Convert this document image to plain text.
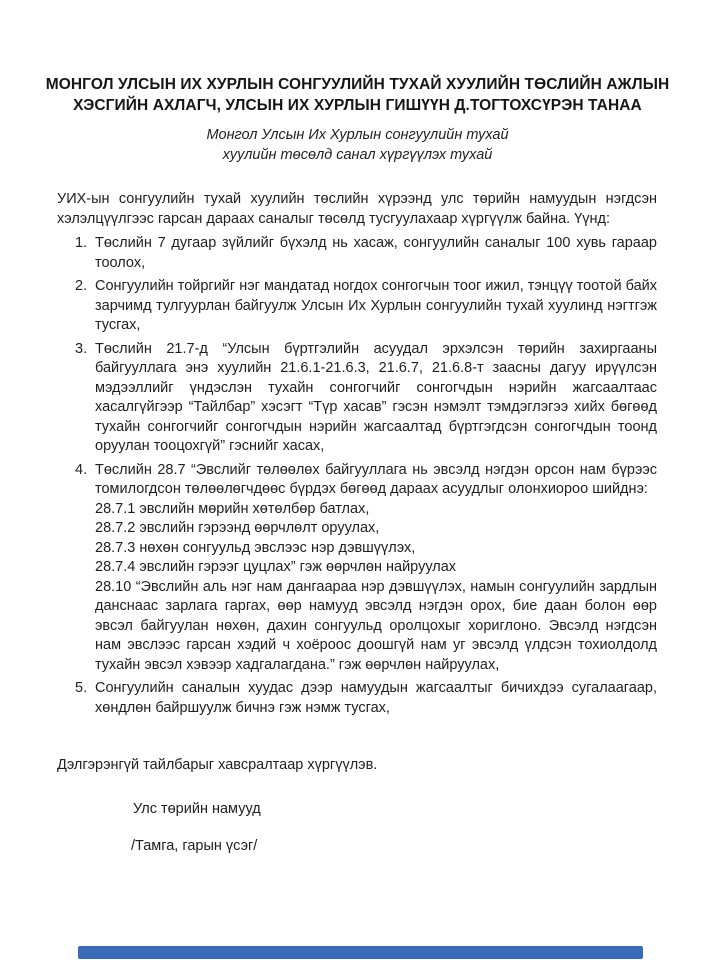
МОНГОЛ УЛСЫН ИХ ХУРЛЫН СОНГУУЛИЙН ТУХАЙ ХУУЛИЙН ТӨСЛИЙН АЖЛЫН ХЭСГИЙН АХЛАГЧ, УЛСЫН ИХ ХУРЛЫН ГИШҮҮН Д.ТОГТОХСҮРЭН ТАНАА
Монгол Улсын Их Хурлын сонгуулийн тухай
хуулийн төсөлд санал хүргүүлэх тухай

УИХ-ын сонгуулийн тухай хуулийн төслийн хүрээнд улс төрийн намуудын нэгдсэн хэлэлцүүлгээс гарсан дараах саналыг төсөлд тусгуулахаар хүргүүлж байна. Үүнд:

1. Төслийн 7 дугаар зүйлийг бүхэлд нь хасаж, сонгуулийн саналыг 100 хувь гараар тоолох,
2. Сонгуулийн тойргийг нэг мандатад ногдох сонгогчын тоог ижил, тэнцүү тоотой байх зарчимд тулгуурлан байгуулж Улсын Их Хурлын сонгуулийн тухай хуулинд нэгтгэж тусгах,
3. Төслийн 21.7-д “Улсын бүртгэлийн асуудал эрхэлсэн төрийн захиргааны байгууллага энэ хуулийн 21.6.1-21.6.3, 21.6.7, 21.6.8-т заасны дагуу ирүүлсэн мэдээллийг үндэслэн тухайн сонгогчийг сонгогчдын нэрийн жагсаалтаас хасалгүйгээр “Тайлбар” хэсэгт “Түр хасав” гэсэн нэмэлт тэмдэглэгээ хийх бөгөөд тухайн сонгогчийг сонгогчдын нэрийн жагсаалтад бүртгэгдсэн сонгогчдын тоонд оруулан тооцохгүй” гэснийг хасах,
4. Төслийн 28.7 “Эвслийг төлөөлөх байгууллага нь эвсэлд нэгдэн орсон нам бүрээс томилогдсон төлөөлөгчдөөс бүрдэх бөгөөд дараах асуудлыг олонхиороо шийднэ:
28.7.1 эвслийн мөрийн хөтөлбөр батлах,
28.7.2 эвслийн гэрээнд өөрчлөлт оруулах,
28.7.3 нөхөн сонгуульд эвслээс нэр дэвшүүлэх,
28.7.4 эвслийн гэрээг цуцлах” гэж өөрчлөн найруулах
28.10 “Эвслийн аль нэг нам дангаараа нэр дэвшүүлэх, намын сонгуулийн зардлын данснаас зарлага гаргах, өөр намууд эвсэлд нэгдэн орох, бие даан болон өөр эвсэл байгуулан нөхөн, дахин сонгуульд оролцохыг хориглоно. Эвсэлд нэгдсэн нам эвслээс гарсан хэдий ч хоёроос доошгүй нам уг эвсэлд үлдсэн тохиолдолд тухайн эвсэл хэвээр хадгалагдана.” гэж өөрчлөн найруулах,
5. Сонгуулийн саналын хуудас дээр намуудын жагсаалтыг бичихдээ сугалаагаар, хөндлөн байршуулж бичнэ гэж нэмж тусгах,

Дэлгэрэнгүй тайлбарыг хавсралтаар хүргүүлэв.

Улс төрийн намууд

/Тамга, гарын үсэг/
